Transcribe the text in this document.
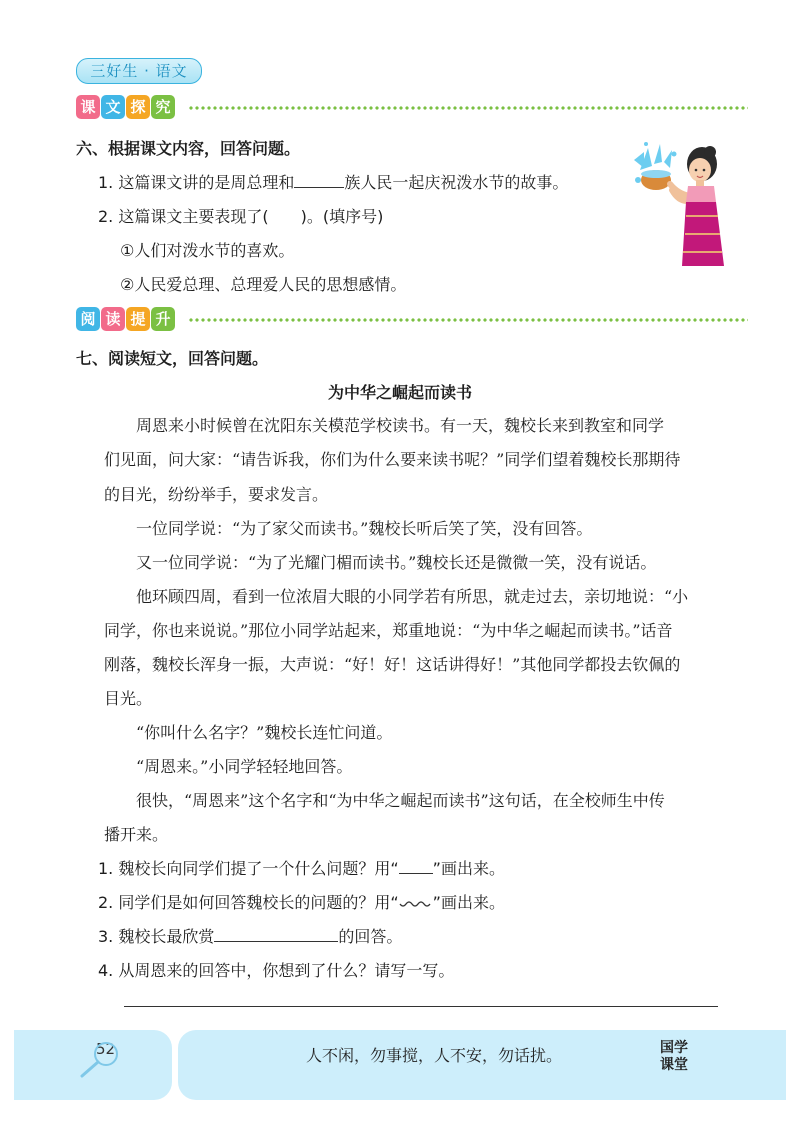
三好生 · 语文
课 文 探 究
六、根据课文内容，回答问题。
1. 这篇课文讲的是周总理和	族人民一起庆祝泼水节的故事。
2. 这篇课文主要表现了(　　)。(填序号)
①人们对泼水节的喜欢。
②人民爱总理、总理爱人民的思想感情。
阅 读 提 升
七、阅读短文，回答问题。
为中华之崛起而读书
周恩来小时候曾在沈阳东关模范学校读书。有一天，魏校长来到教室和同学
们见面，问大家：“请告诉我，你们为什么要来读书呢？”同学们望着魏校长那期待
的目光，纷纷举手，要求发言。
一位同学说：“为了家父而读书。”魏校长听后笑了笑，没有回答。
又一位同学说：“为了光耀门楣而读书。”魏校长还是微微一笑，没有说话。
他环顾四周，看到一位浓眉大眼的小同学若有所思，就走过去，亲切地说：“小
同学，你也来说说。”那位小同学站起来，郑重地说：“为中华之崛起而读书。”话音
刚落，魏校长浑身一振，大声说：“好！好！这话讲得好！”其他同学都投去钦佩的
目光。
“你叫什么名字？”魏校长连忙问道。
“周恩来。”小同学轻轻地回答。
很快，“周恩来”这个名字和“为中华之崛起而读书”这句话，在全校师生中传
播开来。
1. 魏校长向同学们提了一个什么问题？用“ ”画出来。
2. 同学们是如何回答魏校长的问题的？用“ ”画出来。
3. 魏校长最欣赏	的回答。
4. 从周恩来的回答中，你想到了什么？请写一写。
52	人不闲，勿事搅，人不安，勿话扰。	国学
课堂
